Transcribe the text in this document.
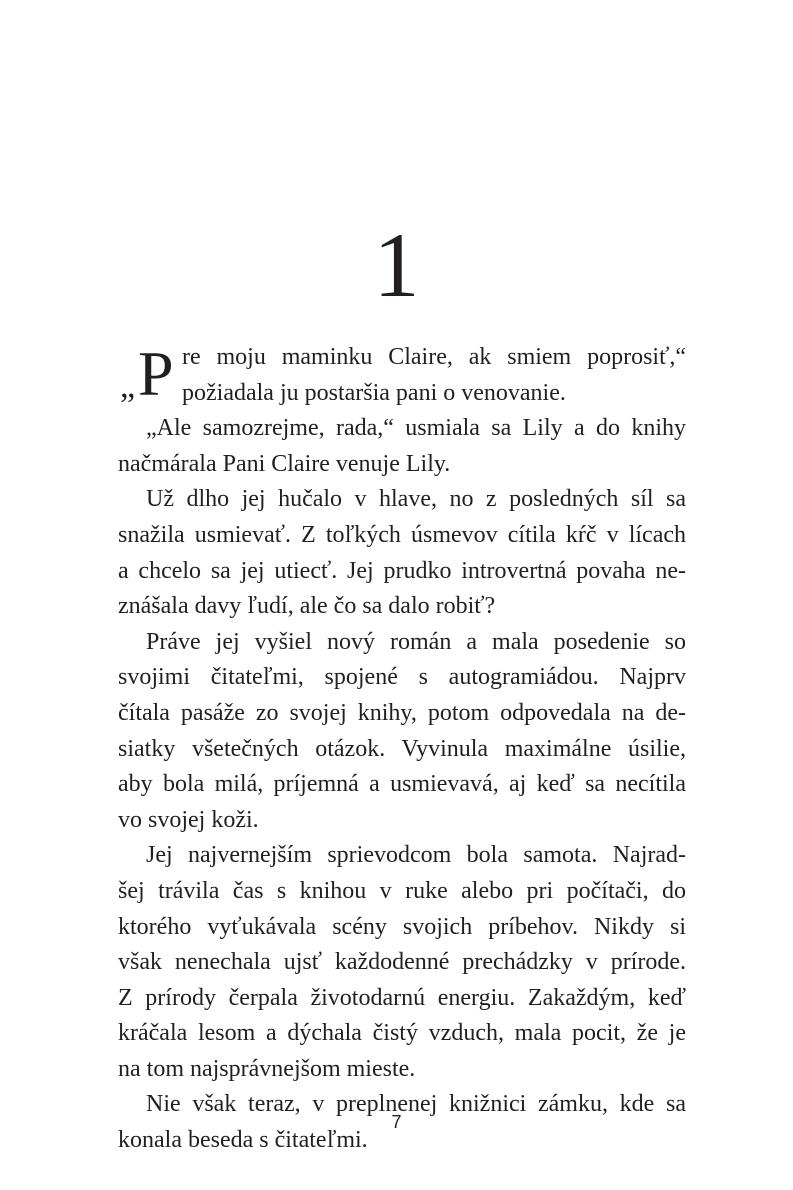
1
„ P re moju maminku Claire, ak smiem poprosiť,“
požiadala ju postaršia pani o venovanie.
„Ale samozrejme, rada,“ usmiala sa Lily a do knihy
načmárala Pani Claire venuje Lily.
Už dlho jej hučalo v hlave, no z posledných síl sa
snažila usmievať. Z toľkých úsmevov cítila kŕč v lícach
a chcelo sa jej utiecť. Jej prudko introvertná povaha ne-
znášala davy ľudí, ale čo sa dalo robiť?
Práve jej vyšiel nový román a mala posedenie so
svojimi čitateľmi, spojené s autogramiádou. Najprv
čítala pasáže zo svojej knihy, potom odpovedala na de-
siatky všetečných otázok. Vyvinula maximálne úsilie,
aby bola milá, príjemná a usmievavá, aj keď sa necítila
vo svojej koži.
Jej najvernejším sprievodcom bola samota. Najrad-
šej trávila čas s knihou v ruke alebo pri počítači, do
ktorého vyťukávala scény svojich príbehov. Nikdy si
však nenechala ujsť každodenné prechádzky v prírode.
Z prírody čerpala životodarnú energiu. Zakaždým, keď
kráčala lesom a dýchala čistý vzduch, mala pocit, že je
na tom najsprávnejšom mieste.
Nie však teraz, v preplnenej knižnici zámku, kde sa
konala beseda s čitateľmi.
7
